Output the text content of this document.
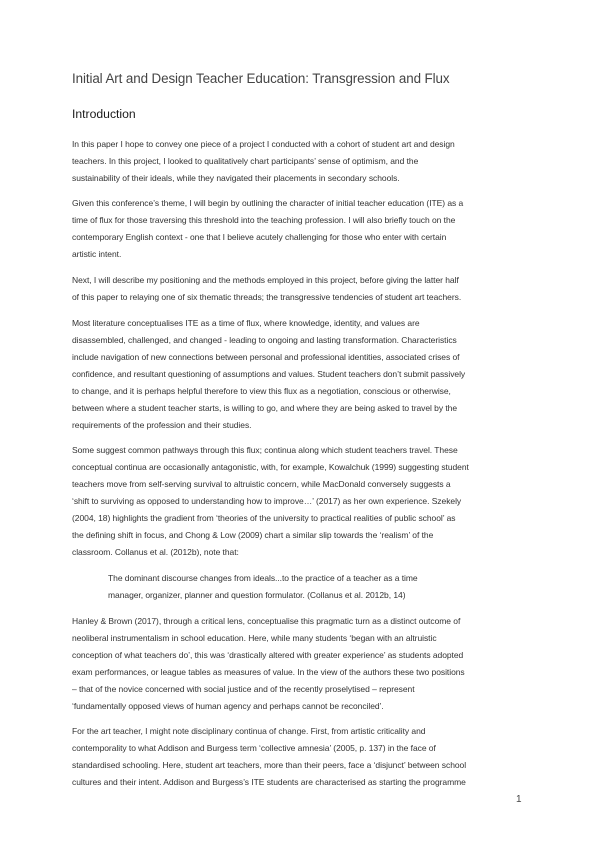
Initial Art and Design Teacher Education: Transgression and Flux
Introduction
In this paper I hope to convey one piece of a project I conducted with a cohort of student art and design
teachers. In this project, I looked to qualitatively chart participants’ sense of optimism, and the
sustainability of their ideals, while they navigated their placements in secondary schools.
Given this conference’s theme, I will begin by outlining the character of initial teacher education (ITE) as a
time of flux for those traversing this threshold into the teaching profession. I will also briefly touch on the
contemporary English context - one that I believe acutely challenging for those who enter with certain
artistic intent.
Next, I will describe my positioning and the methods employed in this project, before giving the latter half
of this paper to relaying one of six thematic threads; the transgressive tendencies of student art teachers.
Most literature conceptualises ITE as a time of flux, where knowledge, identity, and values are
disassembled, challenged, and changed - leading to ongoing and lasting transformation. Characteristics
include navigation of new connections between personal and professional identities, associated crises of
confidence, and resultant questioning of assumptions and values. Student teachers don’t submit passively
to change, and it is perhaps helpful therefore to view this flux as a negotiation, conscious or otherwise,
between where a student teacher starts, is willing to go, and where they are being asked to travel by the
requirements of the profession and their studies.
Some suggest common pathways through this flux; continua along which student teachers travel. These
conceptual continua are occasionally antagonistic, with, for example, Kowalchuk (1999) suggesting student
teachers move from self-serving survival to altruistic concern, while MacDonald conversely suggests a
‘shift to surviving as opposed to understanding how to improve…’ (2017) as her own experience. Szekely
(2004, 18) highlights the gradient from ‘theories of the university to practical realities of public school’ as
the defining shift in focus, and Chong & Low (2009) chart a similar slip towards the ‘realism’ of the
classroom. Collanus et al. (2012b), note that:
The dominant discourse changes from ideals...to the practice of a teacher as a time
manager, organizer, planner and question formulator. (Collanus et al. 2012b, 14)
Hanley & Brown (2017), through a critical lens, conceptualise this pragmatic turn as a distinct outcome of
neoliberal instrumentalism in school education. Here, while many students ‘began with an altruistic
conception of what teachers do’, this was ‘drastically altered with greater experience’ as students adopted
exam performances, or league tables as measures of value. In the view of the authors these two positions
– that of the novice concerned with social justice and of the recently proselytised – represent
‘fundamentally opposed views of human agency and perhaps cannot be reconciled’.
For the art teacher, I might note disciplinary continua of change. First, from artistic criticality and
contemporality to what Addison and Burgess term ‘collective amnesia’ (2005, p. 137) in the face of
standardised schooling. Here, student art teachers, more than their peers, face a ‘disjunct’ between school
cultures and their intent. Addison and Burgess’s ITE students are characterised as starting the programme
1
